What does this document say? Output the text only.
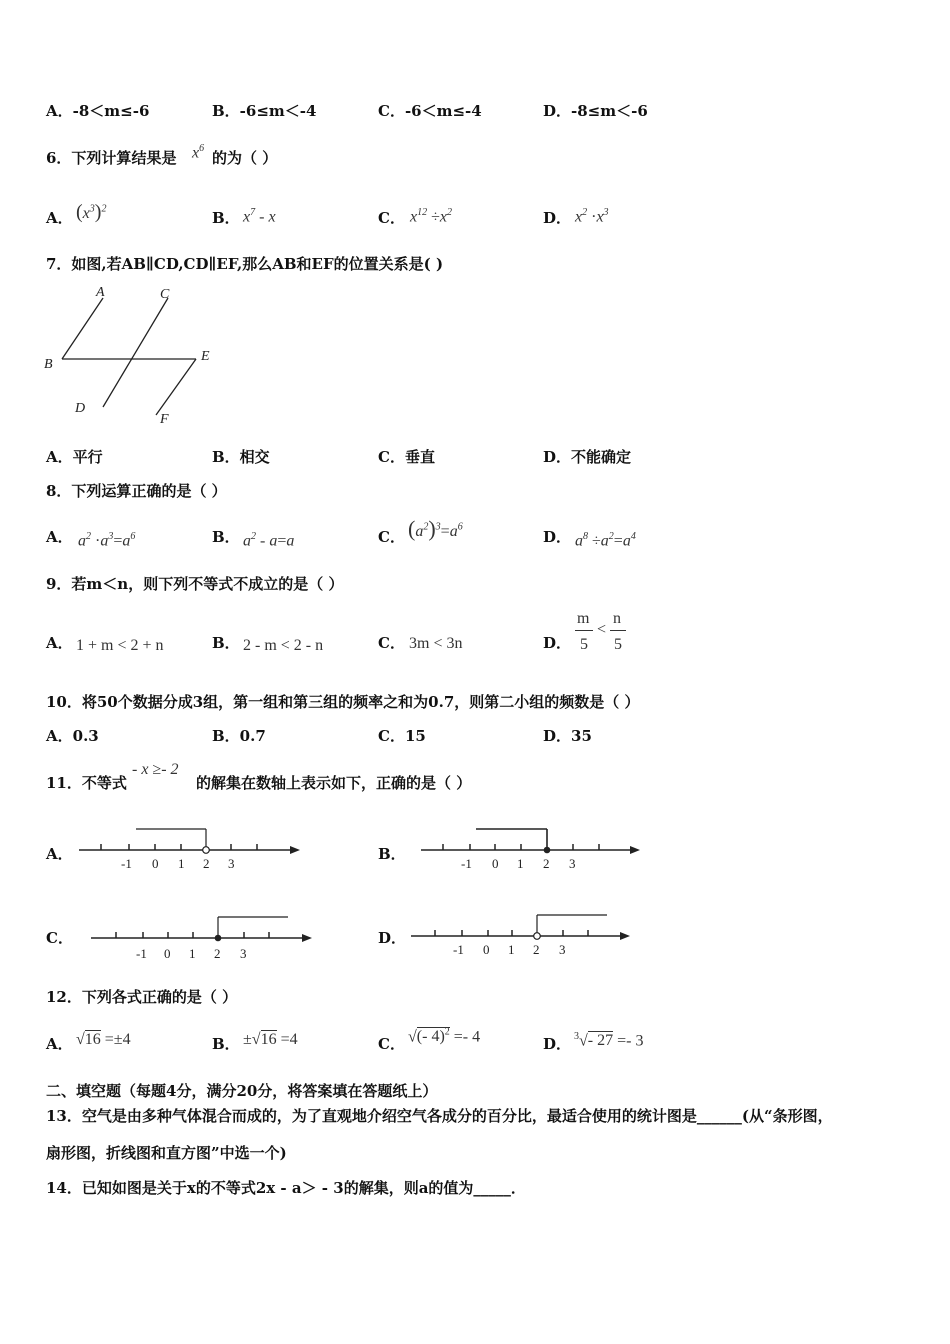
A．-8＜m≤-6	B．-6≤m＜-4	C．-6＜m≤-4	D．-8≤m＜-6
6．下列计算结果是 $x^6$
的为（ ）
A． $(x^3)^2$	B． $x^7$ - x	C． $x^{12} \div x^2$	D． $x^2 \cdot x^3$
7．如图,若AB∥CD,CD∥EF,那么AB和EF的位置关系是( )
A	C
B
E
D
F
A．平行	B．相交	C．垂直	D．不能确定
8．下列运算正确的是（ ）
A． $a^2 \cdot a^3=a^6$	B． $a^2 - a=a$	C． $(a^2)^3=a^6$
D． $a^8 \div a^2=a^4$
9．若m＜n，则下列不等式不成立的是（ ）
A． 1 + m < 2 + n	B． 2 - m < 2 - n	C． 3m < 3n	D．
m
5
<
n
5
10．将50个数据分成3组，第一组和第三组的频率之和为0.7，则第二小组的频数是（ ）
A．0.3	B．0.7	C．15	D．35
11．不等式
- x ≥- 2
的解集在数轴上表示如下，正确的是（ ）
A．
-1 0 1 2 3
B．
-1 0 1 2 3
C．
-1 0 1 2 3
D．
-1 0 1 2 3
12．下列各式正确的是（ ）
A． √16 =±4	B． ±√16 =4	C． √(- 4)$^2$ =- 4	D． $^3$√- 27 =- 3
二、填空题（每题4分，满分20分，将答案填在答题纸上）
13．空气是由多种气体混合而成的，为了直观地介绍空气各成分的百分比，最适合使用的统计图是______(从“条形图，
扇形图，折线图和直方图”中选一个)
14．已知如图是关于x的不等式2x - a＞ - 3的解集，则a的值为_____．
